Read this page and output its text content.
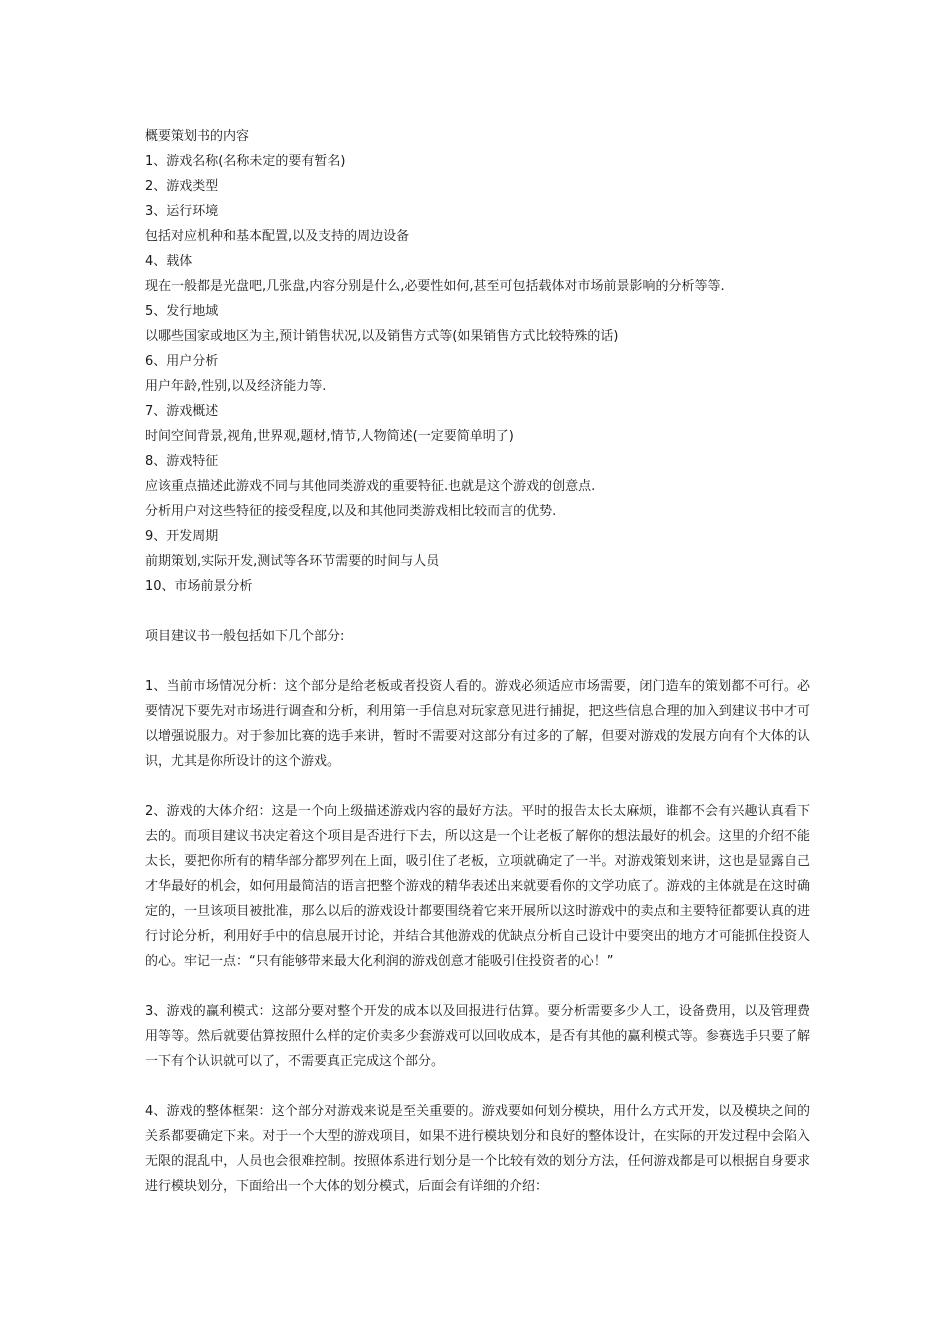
概要策划书的内容

1、游戏名称(名称未定的要有暂名)

2、游戏类型

3、运行环境

包括对应机种和基本配置,以及支持的周边设备

4、载体

现在一般都是光盘吧,几张盘,内容分别是什么,必要性如何,甚至可包括载体对市场前景影响的分析等等.

5、发行地域

以哪些国家或地区为主,预计销售状况,以及销售方式等(如果销售方式比较特殊的话)

6、用户分析

用户年龄,性别,以及经济能力等.

7、游戏概述

时间空间背景,视角,世界观,题材,情节,人物简述(一定要简单明了)

8、游戏特征

应该重点描述此游戏不同与其他同类游戏的重要特征.也就是这个游戏的创意点.

分析用户对这些特征的接受程度,以及和其他同类游戏相比较而言的优势.

9、开发周期

前期策划,实际开发,测试等各环节需要的时间与人员

10、市场前景分析

项目建议书一般包括如下几个部分:

1、当前市场情况分析：这个部分是给老板或者投资人看的。游戏必须适应市场需要，闭门造车的策划都不可行。必要情况下要先对市场进行调查和分析，利用第一手信息对玩家意见进行捕捉，把这些信息合理的加入到建议书中才可以增强说服力。对于参加比赛的选手来讲，暂时不需要对这部分有过多的了解，但要对游戏的发展方向有个大体的认识，尤其是你所设计的这个游戏。

2、游戏的大体介绍：这是一个向上级描述游戏内容的最好方法。平时的报告太长太麻烦，谁都不会有兴趣认真看下去的。而项目建议书决定着这个项目是否进行下去，所以这是一个让老板了解你的想法最好的机会。这里的介绍不能太长，要把你所有的精华部分都罗列在上面，吸引住了老板，立项就确定了一半。对游戏策划来讲，这也是显露自己才华最好的机会，如何用最简洁的语言把整个游戏的精华表述出来就要看你的文学功底了。游戏的主体就是在这时确定的，一旦该项目被批准，那么以后的游戏设计都要围绕着它来开展所以这时游戏中的卖点和主要特征都要认真的进行讨论分析，利用好手中的信息展开讨论，并结合其他游戏的优缺点分析自己设计中要突出的地方才可能抓住投资人的心。牢记一点：“只有能够带来最大化利润的游戏创意才能吸引住投资者的心！”

3、游戏的赢利模式：这部分要对整个开发的成本以及回报进行估算。要分析需要多少人工，设备费用，以及管理费用等等。然后就要估算按照什么样的定价卖多少套游戏可以回收成本，是否有其他的赢利模式等。参赛选手只要了解一下有个认识就可以了，不需要真正完成这个部分。

4、游戏的整体框架：这个部分对游戏来说是至关重要的。游戏要如何划分模块，用什么方式开发，以及模块之间的关系都要确定下来。对于一个大型的游戏项目，如果不进行模块划分和良好的整体设计，在实际的开发过程中会陷入无限的混乱中，人员也会很难控制。按照体系进行划分是一个比较有效的划分方法，任何游戏都是可以根据自身要求进行模块划分，下面给出一个大体的划分模式，后面会有详细的介绍：
